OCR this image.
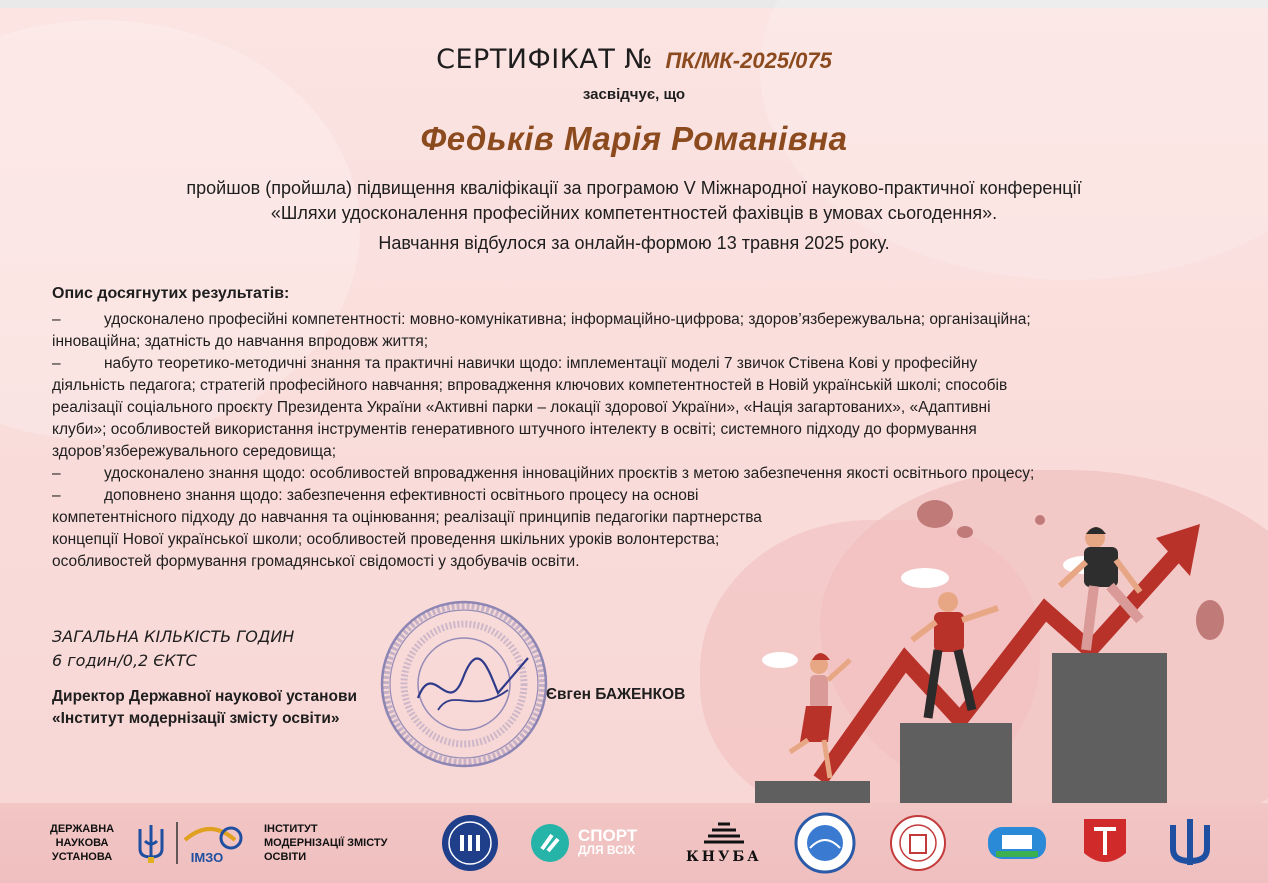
СЕРТИФІКАТ № ПК/МК-2025/075
засвідчує, що
Федьків Марія Романівна

пройшов (пройшла) підвищення кваліфікації за програмою V Міжнародної науково-практичної конференції

«Шляхи удосконалення професійних компетентностей фахівців в умовах сьогодення».

Навчання відбулося за онлайн-формою 13 травня 2025 року.

Опис досягнутих результатів:

–	удосконалено професійні компетентності: мовно-комунікативна; інформаційно-цифрова; здоров’язбережувальна; організаційна;
інноваційна; здатність до навчання впродовж життя;
–	набуто теоретико-методичні знання та практичні навички щодо: імплементації моделі 7 звичок Стівена Кові у професійну
діяльність педагога; стратегій професійного навчання; впровадження ключових компетентностей в Новій українській школі; способів
реалізації соціального проєкту Президента України «Активні парки – локації здорової України», «Нація загартованих», «Адаптивні
клуби»; особливостей використання інструментів генеративного штучного інтелекту в освіті; системного підходу до формування
здоров’язбережувального середовища;
–	удосконалено знання щодо: особливостей впровадження інноваційних проєктів з метою забезпечення якості освітнього процесу;
–	доповнено знання щодо: забезпечення ефективності освітнього процесу на основі
компетентнісного підходу до навчання та оцінювання; реалізації принципів педагогіки партнерства
концепції Нової української школи; особливостей проведення шкільних уроків волонтерства;
особливостей формування громадянської свідомості у здобувачів освіти.
ЗАГАЛЬНА КІЛЬКІСТЬ ГОДИН
6 годин/0,2 ЄКТС
Директор Державної наукової установи
«Інститут модернізації змісту освіти»
Євген БАЖЕНКОВ
ДЕРЖАВНА
НАУКОВА
УСТАНОВА	ІМЗО
ІНСТИТУТ
МОДЕРНІЗАЦІЇ ЗМІСТУ
ОСВІТИ
СПОРТ
ДЛЯ ВСІХ	КНУБА
